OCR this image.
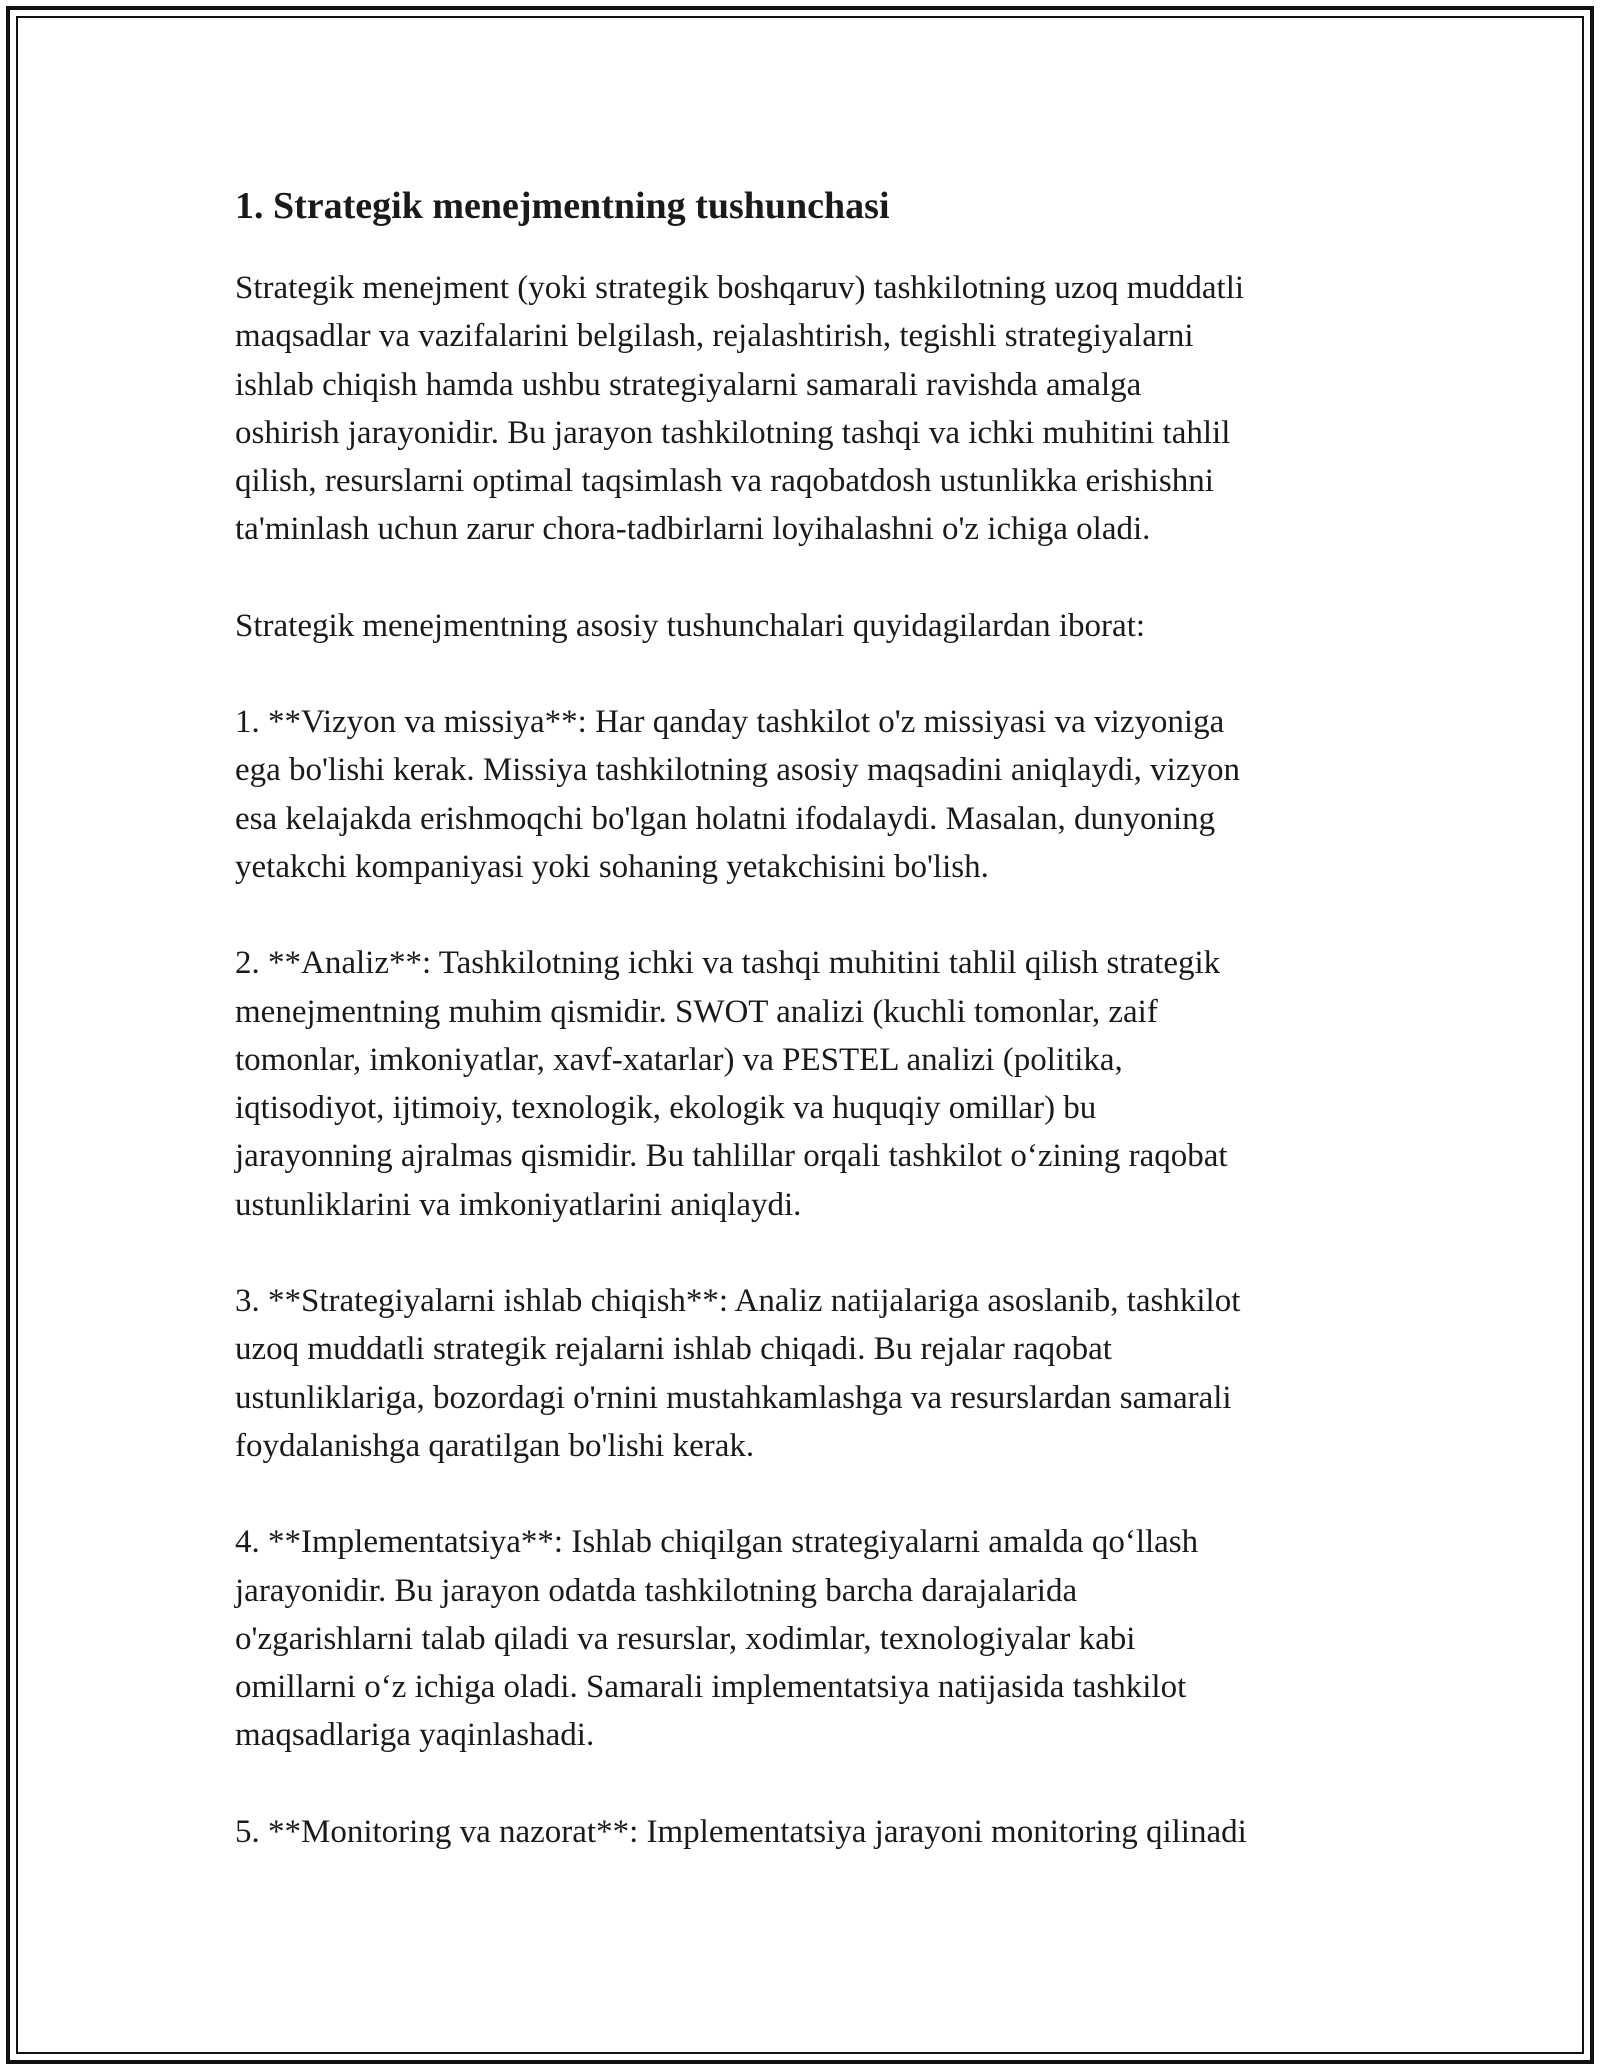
1. Strategik menejmentning tushunchasi

Strategik menejment (yoki strategik boshqaruv) tashkilotning uzoq muddatli
maqsadlar va vazifalarini belgilash, rejalashtirish, tegishli strategiyalarni
ishlab chiqish hamda ushbu strategiyalarni samarali ravishda amalga
oshirish jarayonidir. Bu jarayon tashkilotning tashqi va ichki muhitini tahlil
qilish, resurslarni optimal taqsimlash va raqobatdosh ustunlikka erishishni
ta'minlash uchun zarur chora-tadbirlarni loyihalashni o'z ichiga oladi.

Strategik menejmentning asosiy tushunchalari quyidagilardan iborat:

1. **Vizyon va missiya**: Har qanday tashkilot o'z missiyasi va vizyoniga
ega bo'lishi kerak. Missiya tashkilotning asosiy maqsadini aniqlaydi, vizyon
esa kelajakda erishmoqchi bo'lgan holatni ifodalaydi. Masalan, dunyoning
yetakchi kompaniyasi yoki sohaning yetakchisini bo'lish.

2. **Analiz**: Tashkilotning ichki va tashqi muhitini tahlil qilish strategik
menejmentning muhim qismidir. SWOT analizi (kuchli tomonlar, zaif
tomonlar, imkoniyatlar, xavf-xatarlar) va PESTEL analizi (politika,
iqtisodiyot, ijtimoiy, texnologik, ekologik va huquqiy omillar) bu
jarayonning ajralmas qismidir. Bu tahlillar orqali tashkilot o‘zining raqobat
ustunliklarini va imkoniyatlarini aniqlaydi.

3. **Strategiyalarni ishlab chiqish**: Analiz natijalariga asoslanib, tashkilot
uzoq muddatli strategik rejalarni ishlab chiqadi. Bu rejalar raqobat
ustunliklariga, bozordagi o'rnini mustahkamlashga va resurslardan samarali
foydalanishga qaratilgan bo'lishi kerak.

4. **Implementatsiya**: Ishlab chiqilgan strategiyalarni amalda qo‘llash
jarayonidir. Bu jarayon odatda tashkilotning barcha darajalarida
o'zgarishlarni talab qiladi va resurslar, xodimlar, texnologiyalar kabi
omillarni o‘z ichiga oladi. Samarali implementatsiya natijasida tashkilot
maqsadlariga yaqinlashadi.

5. **Monitoring va nazorat**: Implementatsiya jarayoni monitoring qilinadi
